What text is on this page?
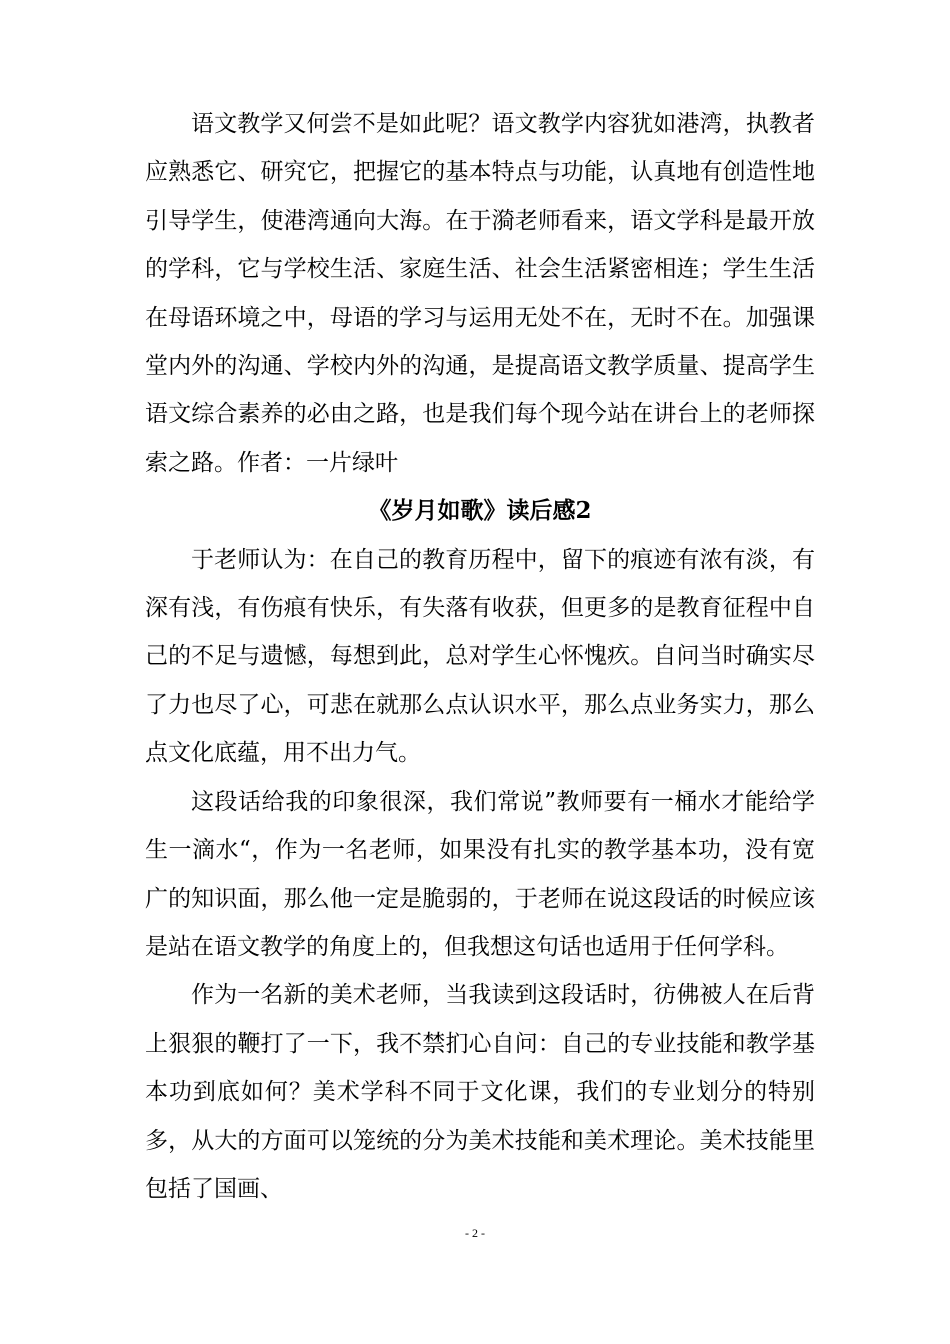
语文教学又何尝不是如此呢？语文教学内容犹如港湾，执教者应熟悉它、研究它，把握它的基本特点与功能，认真地有创造性地引导学生，使港湾通向大海。在于漪老师看来，语文学科是最开放的学科，它与学校生活、家庭生活、社会生活紧密相连；学生生活在母语环境之中，母语的学习与运用无处不在，无时不在。加强课堂内外的沟通、学校内外的沟通，是提高语文教学质量、提高学生语文综合素养的必由之路，也是我们每个现今站在讲台上的老师探索之路。作者：一片绿叶

《岁月如歌》读后感2

于老师认为：在自己的教育历程中，留下的痕迹有浓有淡，有深有浅，有伤痕有快乐，有失落有收获，但更多的是教育征程中自己的不足与遗憾，每想到此，总对学生心怀愧疚。自问当时确实尽了力也尽了心，可悲在就那么点认识水平，那么点业务实力，那么点文化底蕴，用不出力气。

这段话给我的印象很深，我们常说”教师要有一桶水才能给学生一滴水“，作为一名老师，如果没有扎实的教学基本功，没有宽广的知识面，那么他一定是脆弱的，于老师在说这段话的时候应该是站在语文教学的角度上的，但我想这句话也适用于任何学科。

作为一名新的美术老师，当我读到这段话时，彷佛被人在后背上狠狠的鞭打了一下，我不禁扪心自问：自己的专业技能和教学基本功到底如何？美术学科不同于文化课，我们的专业划分的特别多，从大的方面可以笼统的分为美术技能和美术理论。美术技能里包括了国画、

- 2 -
